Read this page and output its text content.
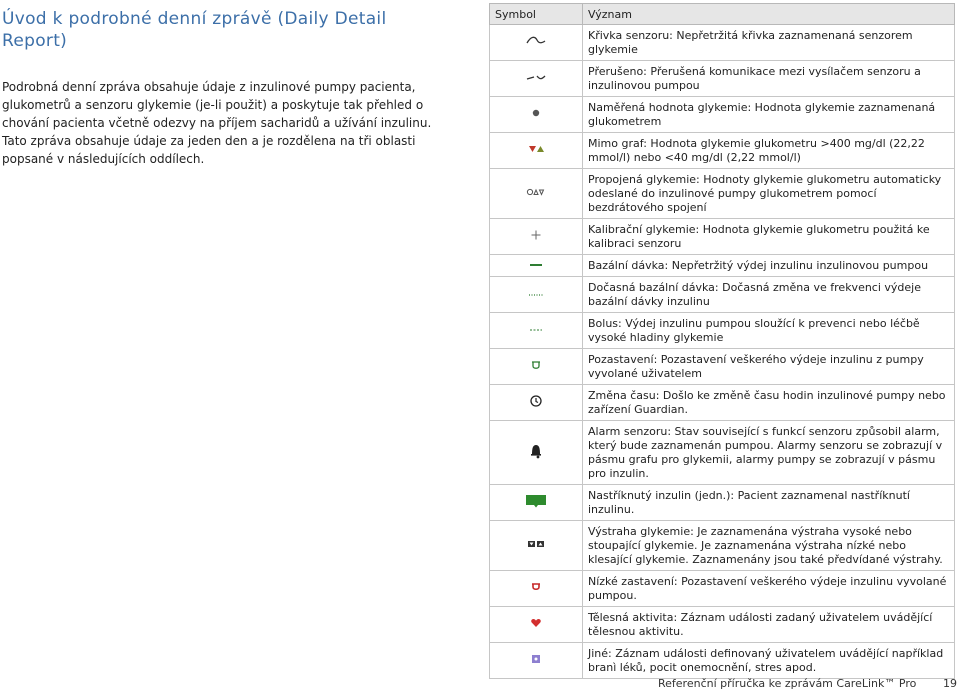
Úvod k podrobné denní zprávě (Daily Detail Report)

Podrobná denní zpráva obsahuje údaje z inzulinové pumpy pacienta, glukometrů a senzoru glykemie (je-li použit) a poskytuje tak přehled o chování pacienta včetně odezvy na příjem sacharidů a užívání inzulinu. Tato zpráva obsahuje údaje za jeden den a je rozdělena na tři oblasti popsané v následujících oddílech.

Symbol	Význam
	Křivka senzoru: Nepřetržitá křivka zaznamenaná senzorem glykemie
	Přerušeno: Přerušená komunikace mezi vysílačem senzoru a inzulinovou pumpou
	Naměřená hodnota glykemie: Hodnota glykemie zaznamenaná glukometrem
	Mimo graf: Hodnota glykemie glukometru >400 mg/dl (22,22 mmol/l) nebo <40 mg/dl (2,22 mmol/l)
	Propojená glykemie: Hodnoty glykemie glukometru automaticky odeslané do inzulinové pumpy glukometrem pomocí bezdrátového spojení
	Kalibrační glykemie: Hodnota glykemie glukometru použitá ke kalibraci senzoru
	Bazální dávka: Nepřetržitý výdej inzulinu inzulinovou pumpou
	Dočasná bazální dávka: Dočasná změna ve frekvenci výdeje bazální dávky inzulinu
	Bolus: Výdej inzulinu pumpou sloužící k prevenci nebo léčbě vysoké hladiny glykemie
	Pozastavení: Pozastavení veškerého výdeje inzulinu z pumpy vyvolané uživatelem
	Změna času: Došlo ke změně času hodin inzulinové pumpy nebo zařízení Guardian.
	Alarm senzoru: Stav související s funkcí senzoru způsobil alarm, který bude zaznamenán pumpou. Alarmy senzoru se zobrazují v pásmu grafu pro glykemii, alarmy pumpy se zobrazují v pásmu pro inzulin.
	Nastříknutý inzulin (jedn.): Pacient zaznamenal nastříknutí inzulinu.
	Výstraha glykemie: Je zaznamenána výstraha vysoké nebo stoupající glykemie. Je zaznamenána výstraha nízké nebo klesající glykemie. Zaznamenány jsou také předvídané výstrahy.
	Nízké zastavení: Pozastavení veškerého výdeje inzulinu vyvolané pumpou.
	Tělesná aktivita: Záznam události zadaný uživatelem uvádějící tělesnou aktivitu.
	Jiné: Záznam události definovaný uživatelem uvádějící například branì léků, pocit onemocnění, stres apod.
Referenční příručka ke zprávám CareLink™ Pro 19
